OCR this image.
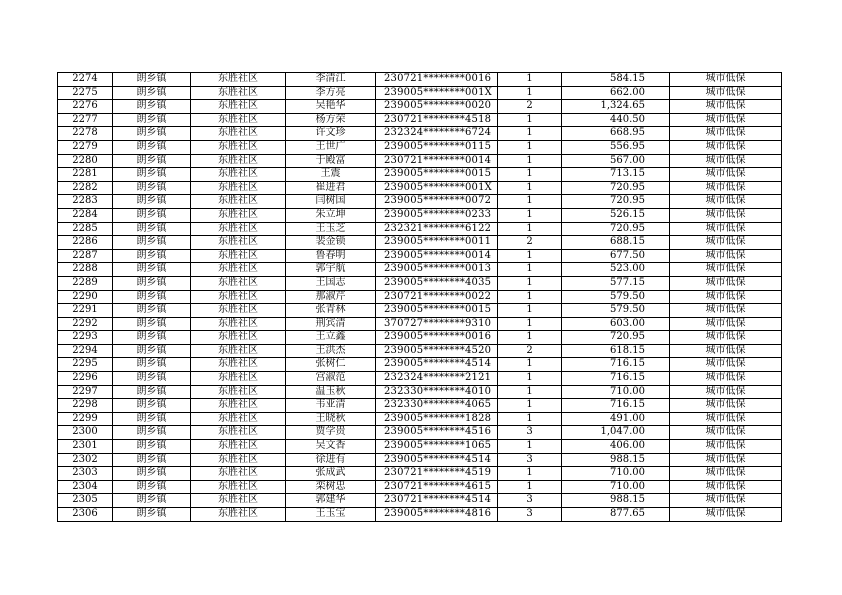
2274	朗乡镇	东胜社区	李清江	230721********0016	1	584.15	城市低保
2275	朗乡镇	东胜社区	李方亮	239005********001X	1	662.00	城市低保
2276	朗乡镇	东胜社区	吴艳华	239005********0020	2	1,324.65	城市低保
2277	朗乡镇	东胜社区	杨方荣	230721********4518	1	440.50	城市低保
2278	朗乡镇	东胜社区	许文珍	232324********6724	1	668.95	城市低保
2279	朗乡镇	东胜社区	王世广	239005********0115	1	556.95	城市低保
2280	朗乡镇	东胜社区	于殿富	230721********0014	1	567.00	城市低保
2281	朗乡镇	东胜社区	王震	239005********0015	1	713.15	城市低保
2282	朗乡镇	东胜社区	崔进君	239005********001X	1	720.95	城市低保
2283	朗乡镇	东胜社区	闫树国	239005********0072	1	720.95	城市低保
2284	朗乡镇	东胜社区	朱立坤	239005********0233	1	526.15	城市低保
2285	朗乡镇	东胜社区	王玉芝	232321********6122	1	720.95	城市低保
2286	朗乡镇	东胜社区	裴金锁	239005********0011	2	688.15	城市低保
2287	朗乡镇	东胜社区	鲁春明	239005********0014	1	677.50	城市低保
2288	朗乡镇	东胜社区	郭宇航	239005********0013	1	523.00	城市低保
2289	朗乡镇	东胜社区	王国志	239005********4035	1	577.15	城市低保
2290	朗乡镇	东胜社区	那淑芹	230721********0022	1	579.50	城市低保
2291	朗乡镇	东胜社区	张青林	239005********0015	1	579.50	城市低保
2292	朗乡镇	东胜社区	荆宾清	370727********9310	1	603.00	城市低保
2293	朗乡镇	东胜社区	王立鑫	239005********0016	1	720.95	城市低保
2294	朗乡镇	东胜社区	王洪杰	239005********4520	2	618.15	城市低保
2295	朗乡镇	东胜社区	张树仁	239005********4514	1	716.15	城市低保
2296	朗乡镇	东胜社区	宫淑范	232324********2121	1	716.15	城市低保
2297	朗乡镇	东胜社区	温玉秋	232330********4010	1	710.00	城市低保
2298	朗乡镇	东胜社区	韦亚清	232330********4065	1	716.15	城市低保
2299	朗乡镇	东胜社区	王晓秋	239005********1828	1	491.00	城市低保
2300	朗乡镇	东胜社区	贾学贵	239005********4516	3	1,047.00	城市低保
2301	朗乡镇	东胜社区	吴文香	239005********1065	1	406.00	城市低保
2302	朗乡镇	东胜社区	徐进有	239005********4514	3	988.15	城市低保
2303	朗乡镇	东胜社区	张成武	230721********4519	1	710.00	城市低保
2304	朗乡镇	东胜社区	栾树忠	230721********4615	1	710.00	城市低保
2305	朗乡镇	东胜社区	郭建华	230721********4514	3	988.15	城市低保
2306	朗乡镇	东胜社区	王玉宝	239005********4816	3	877.65	城市低保
